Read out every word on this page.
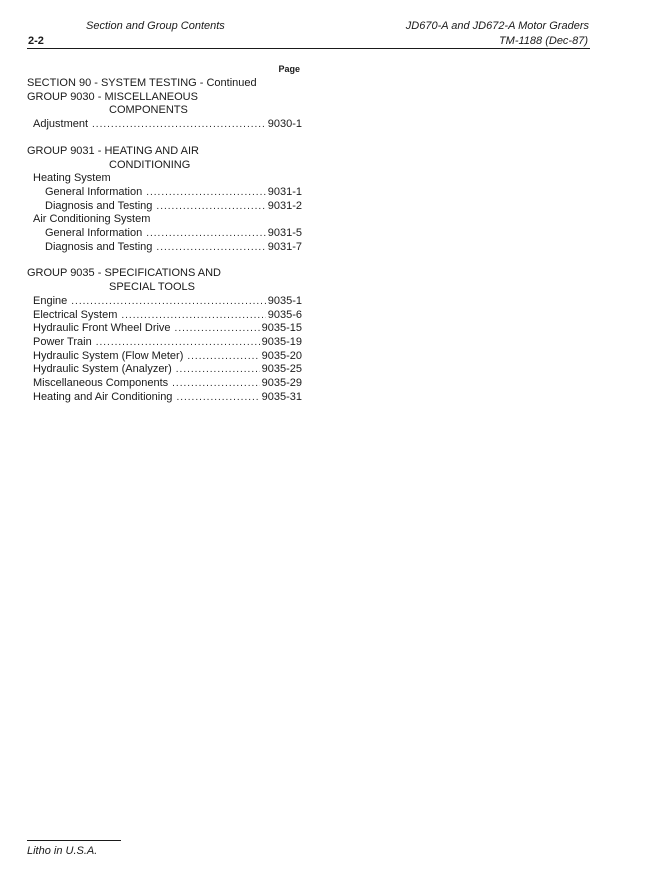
Section and Group Contents	JD670-A and JD672-A Motor Graders
2-2	TM-1188 (Dec-87)
Page
SECTION 90 - SYSTEM TESTING - Continued
GROUP 9030 - MISCELLANEOUS
COMPONENTS
Adjustment .....	9030-1
GROUP 9031 - HEATING AND AIR
CONDITIONING
Heating System
General Information .....	9031-1
Diagnosis and Testing .....	9031-2
Air Conditioning System
General Information .....	9031-5
Diagnosis and Testing .....	9031-7
GROUP 9035 - SPECIFICATIONS AND
SPECIAL TOOLS
Engine .....	9035-1
Electrical System .....	9035-6
Hydraulic Front Wheel Drive .....	9035-15
Power Train .....	9035-19
Hydraulic System (Flow Meter) .....	9035-20
Hydraulic System (Analyzer) .....	9035-25
Miscellaneous Components .....	9035-29
Heating and Air Conditioning .....	9035-31
Litho in U.S.A.
